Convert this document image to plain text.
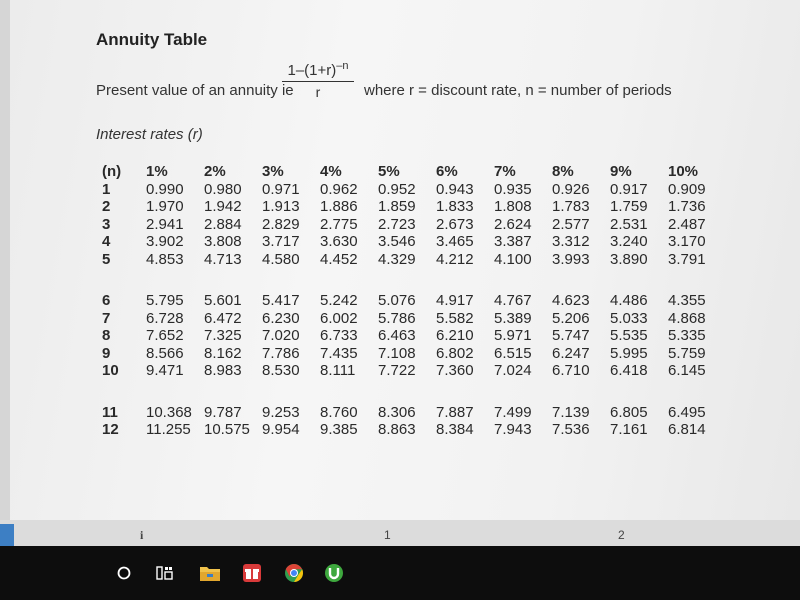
Annuity Table
Present value of an annuity ie
$\frac{1-(1+r)^{-n}}{r}$ where r = discount rate, n = number of periods
Interest rates (r)
(n)	1%	2%	3%	4%	5%	6%	7%	8%	9%	10%
1	0.990	0.980	0.971	0.962	0.952	0.943	0.935	0.926	0.917	0.909
2	1.970	1.942	1.913	1.886	1.859	1.833	1.808	1.783	1.759	1.736
3	2.941	2.884	2.829	2.775	2.723	2.673	2.624	2.577	2.531	2.487
4	3.902	3.808	3.717	3.630	3.546	3.465	3.387	3.312	3.240	3.170
5	4.853	4.713	4.580	4.452	4.329	4.212	4.100	3.993	3.890	3.791

6	5.795	5.601	5.417	5.242	5.076	4.917	4.767	4.623	4.486	4.355
7	6.728	6.472	6.230	6.002	5.786	5.582	5.389	5.206	5.033	4.868
8	7.652	7.325	7.020	6.733	6.463	6.210	5.971	5.747	5.535	5.335
9	8.566	8.162	7.786	7.435	7.108	6.802	6.515	6.247	5.995	5.759
10	9.471	8.983	8.530	8.111	7.722	7.360	7.024	6.710	6.418	6.145

11	10.368	9.787	9.253	8.760	8.306	7.887	7.499	7.139	6.805	6.495
12	11.255	10.575	9.954	9.385	8.863	8.384	7.943	7.536	7.161	6.814
i	1	2
